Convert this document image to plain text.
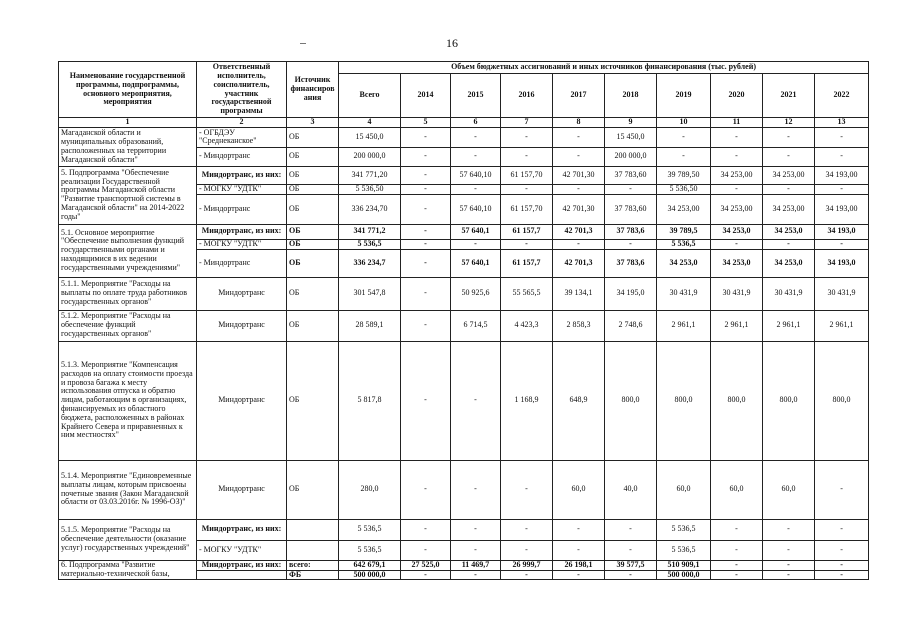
16
Наименование государственной программы, подпрограммы, основного мероприятия, мероприятия	Ответственный исполнитель, соисполнитель, участник государственной программы	Источник финансиров ания	Объем бюджетных ассигнований и иных источников финансирования (тыс. рублей)									
			Всего	2014	2015	2016	2017	2018	2019	2020	2021	2022
1	2	3	4	5	6	7	8	9	10	11	12	13
Магаданской области и муниципальных образований, расположенных на территории Магаданской области"	- ОГБДЭУ "Среднеканское"	ОБ	15 450,0	-	-	-	-	15 450,0	-	-	-	-
	- Миндортранс	ОБ	200 000,0	-	-	-	-	200 000,0	-	-	-	-
5. Подпрограмма "Обеспечение реализации Государственной программы Магаданской области "Развитие транспортной системы в Магаданской области" на 2014-2022 годы"	Миндортранс, из них:	ОБ	341 771,20	-	57 640,10	61 157,70	42 701,30	37 783,60	39 789,50	34 253,00	34 253,00	34 193,00
	- МОГКУ "УДТК"	ОБ	5 536,50	-	-	-	-	-	5 536,50	-	-	-
	- Миндортранс	ОБ	336 234,70	-	57 640,10	61 157,70	42 701,30	37 783,60	34 253,00	34 253,00	34 253,00	34 193,00
5.1. Основное мероприятие "Обеспечение выполнения функций государственными органами и находящимися в их ведении государственными учреждениями"	Миндортранс, из них:	ОБ	341 771,2	-	57 640,1	61 157,7	42 701,3	37 783,6	39 789,5	34 253,0	34 253,0	34 193,0
	- МОГКУ "УДТК"	ОБ	5 536,5	-	-	-	-	-	5 536,5	-	-	-
	- Миндортранс	ОБ	336 234,7	-	57 640,1	61 157,7	42 701,3	37 783,6	34 253,0	34 253,0	34 253,0	34 193,0
5.1.1. Мероприятие "Расходы на выплаты по оплате труда работников государственных органов"	Миндортранс	ОБ	301 547,8	-	50 925,6	55 565,5	39 134,1	34 195,0	30 431,9	30 431,9	30 431,9	30 431,9
5.1.2. Мероприятие "Расходы на обеспечение функций государственных органов"	Миндортранс	ОБ	28 589,1	-	6 714,5	4 423,3	2 858,3	2 748,6	2 961,1	2 961,1	2 961,1	2 961,1
5.1.3. Мероприятие "Компенсация расходов на оплату стоимости проезда и провоза багажа к месту использования отпуска и обратно лицам, работающим в организациях, финансируемых из областного бюджета, расположенных в районах Крайнего Севера и приравненных к ним местностях"	Миндортранс	ОБ	5 817,8	-	-	1 168,9	648,9	800,0	800,0	800,0	800,0	800,0
5.1.4. Мероприятие "Единовременные выплаты лицам, которым присвоены почетные звания (Закон Магаданской области от 03.03.2016г. № 1996-ОЗ)"	Миндортранс	ОБ	280,0	-	-	-	60,0	40,0	60,0	60,0	60,0	-
5.1.5. Мероприятие "Расходы на обеспечение деятельности (оказание услуг) государственных учреждений"	Миндортранс, из них:		5 536,5	-	-	-	-	-	5 536,5	-	-	-
	- МОГКУ "УДТК"		5 536,5	-	-	-	-	-	5 536,5	-	-	-
6. Подпрограмма "Развитие материально-технической базы,	Миндортранс, из них:	всего:	642 679,1	27 525,0	11 469,7	26 999,7	26 198,1	39 577,5	510 909,1	-	-	-
		ФБ	500 000,0	-	-	-	-	-	500 000,0	-	-	-
